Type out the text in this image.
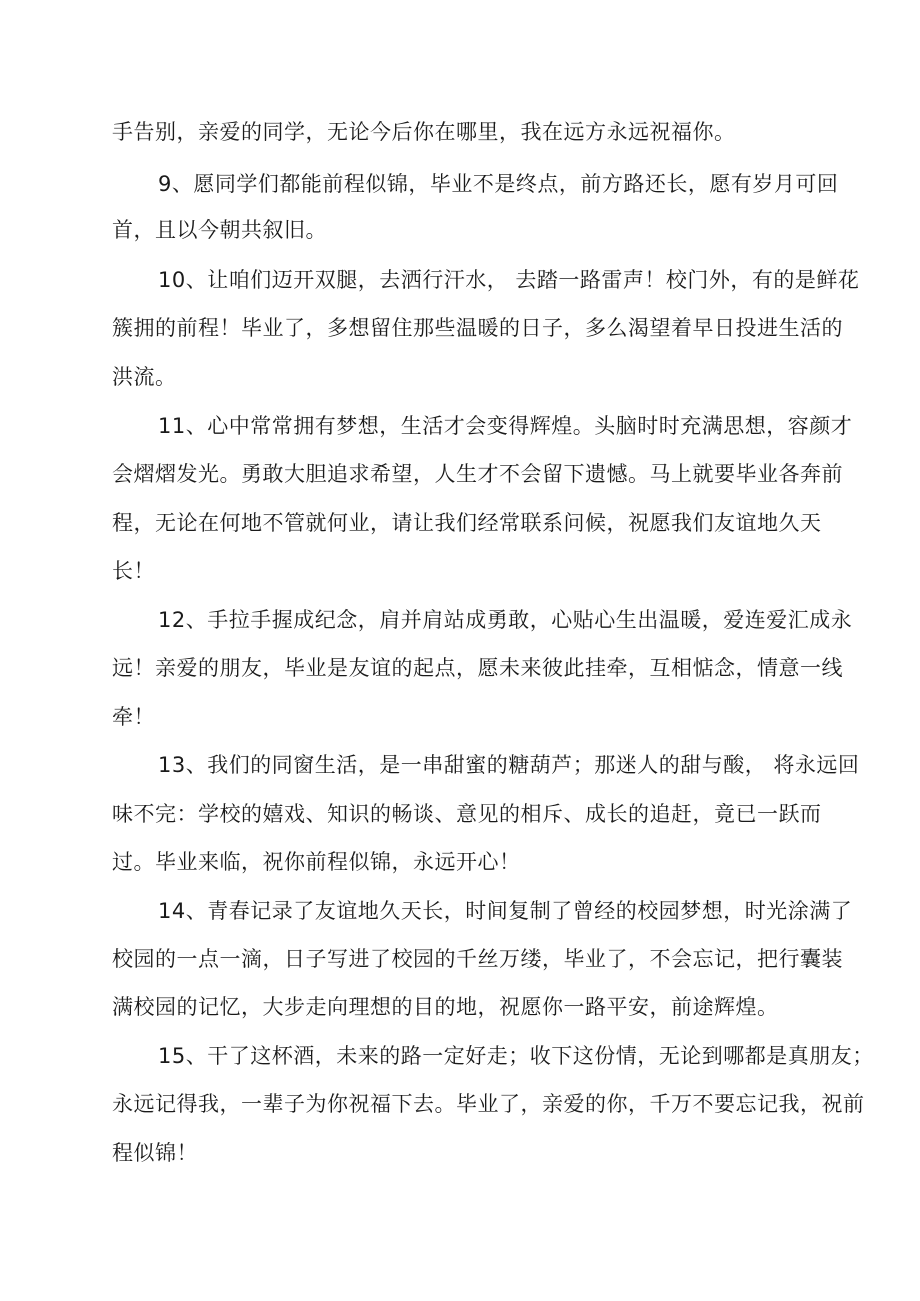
手告别，亲爱的同学，无论今后你在哪里，我在远方永远祝福你。
9、愿同学们都能前程似锦，毕业不是终点，前方路还长，愿有岁月可回
首，且以今朝共叙旧。
10、让咱们迈开双腿，去洒行汗水， 去踏一路雷声！校门外，有的是鲜花
簇拥的前程！毕业了，多想留住那些温暖的日子，多么渴望着早日投进生活的
洪流。
11、心中常常拥有梦想，生活才会变得辉煌。头脑时时充满思想，容颜才
会熠熠发光。勇敢大胆追求希望，人生才不会留下遗憾。马上就要毕业各奔前
程，无论在何地不管就何业，请让我们经常联系问候，祝愿我们友谊地久天
长！
12、手拉手握成纪念，肩并肩站成勇敢，心贴心生出温暖，爱连爱汇成永
远！亲爱的朋友，毕业是友谊的起点，愿未来彼此挂牵，互相惦念，情意一线
牵！
13、我们的同窗生活，是一串甜蜜的糖葫芦；那迷人的甜与酸， 将永远回
味不完：学校的嬉戏、知识的畅谈、意见的相斥、成长的追赶，竟已一跃而
过。毕业来临，祝你前程似锦，永远开心！
14、青春记录了友谊地久天长，时间复制了曾经的校园梦想，时光涂满了
校园的一点一滴，日子写进了校园的千丝万缕，毕业了，不会忘记，把行囊装
满校园的记忆，大步走向理想的目的地，祝愿你一路平安，前途辉煌。
15、干了这杯酒，未来的路一定好走；收下这份情，无论到哪都是真朋友；
永远记得我，一辈子为你祝福下去。毕业了，亲爱的你，千万不要忘记我，祝前
程似锦！
